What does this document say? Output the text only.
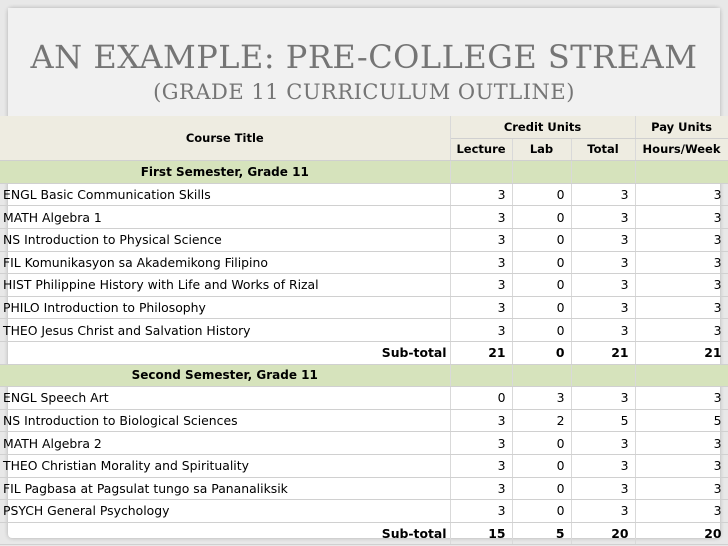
AN EXAMPLE: PRE-COLLEGE STREAM
(GRADE 11 CURRICULUM OUTLINE)
Course Title	Credit Units			Pay Units
	Lecture	Lab	Total	Hours/Week
First Semester, Grade 11				
ENGL Basic Communication Skills	3	0	3	3
MATH Algebra 1	3	0	3	3
NS Introduction to Physical Science	3	0	3	3
FIL Komunikasyon sa Akademikong Filipino	3	0	3	3
HIST Philippine History with Life and Works of Rizal	3	0	3	3
PHILO Introduction to Philosophy	3	0	3	3
THEO Jesus Christ and Salvation History	3	0	3	3
Sub-total	21	0	21	21
Second Semester, Grade 11				
ENGL Speech Art	0	3	3	3
NS Introduction to Biological Sciences	3	2	5	5
MATH Algebra 2	3	0	3	3
THEO Christian Morality and Spirituality	3	0	3	3
FIL Pagbasa at Pagsulat tungo sa Pananaliksik	3	0	3	3
PSYCH General Psychology	3	0	3	3
Sub-total	15	5	20	20
